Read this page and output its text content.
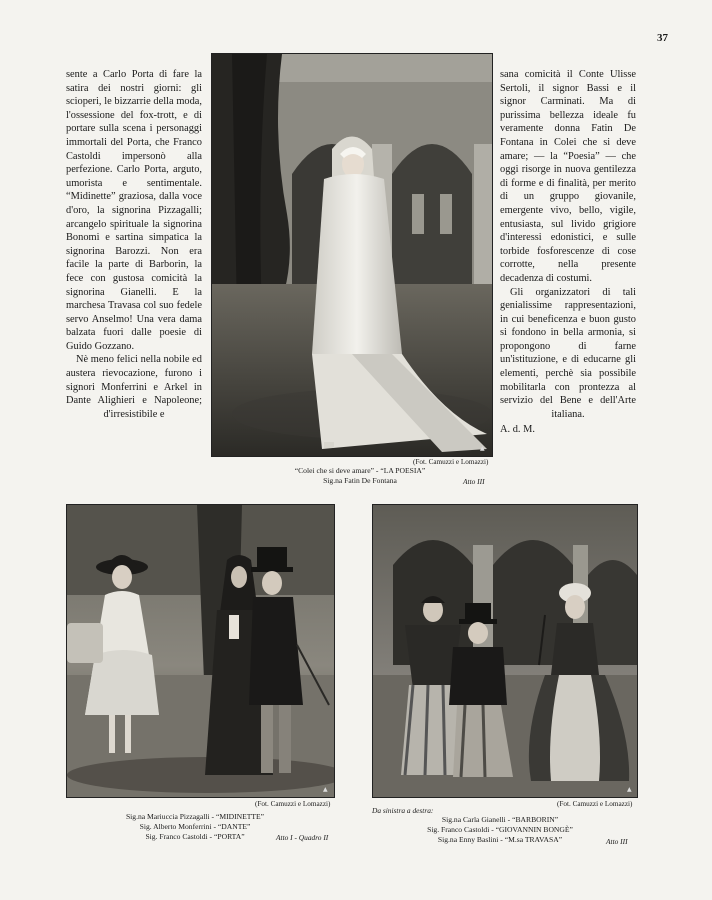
37

sente a Carlo Porta di fare la satira dei nostri giorni: gli scioperi, le bizzarrie della moda, l'ossessione del fox-trott, e di portare sulla scena i personaggi immortali del Porta, che Franco Castoldi impersonò alla perfezione. Carlo Porta, arguto, umorista e sentimentale. “Midinette” graziosa, dalla voce d'oro, la signorina Pizzagalli; arcangelo spirituale la signorina Bonomi e sartina simpatica la signorina Barozzi. Non era facile la parte di Barborin, la fece con gustosa comicità la signorina Gianelli. E la marchesa Travasa col suo fedele servo Anselmo! Una vera dama balzata fuori dalle poesie di Guido Gozzano.

Nè meno felici nella nobile ed austera rievocazione, furono i signori Monferrini e Arkel in Dante Alighieri e Napoleone; d'irresistibile e

sana comicità il Conte Ulisse Sertoli, il signor Bassi e il signor Carminati. Ma di purissima bellezza ideale fu veramente donna Fatin De Fontana in Colei che si deve amare; — la “Poesia” — che oggi risorge in nuova gentilezza di forme e di finalità, per merito di un gruppo giovanile, emergente vivo, bello, vigile, entusiasta, sul livido grigiore d'interessi edonistici, e sulle torbide fosforescenze di cose corrotte, nella presente decadenza di costumi.

Gli organizzatori di tali genialissime rappresentazioni, in cui beneficenza e buon gusto si fondono in bella armonia, si propongono di farne un'istituzione, e di educarne gli elementi, perchè sia possibile mobilitarla con prontezza al servizio del Bene e dell'Arte italiana.

A. d. M.
▲
(Fot. Camuzzi e Lomazzi)
“Colei che si deve amare” - “LA POESIA”
Sig.na Fatin De Fontana	Atto III
▲
(Fot. Camuzzi e Lomazzi)
Sig.na Mariuccia Pizzagalli - “MIDINETTE”
Sig. Alberto Monferrini - “DANTE”
Sig. Franco Castoldi - “PORTA”	Atto I - Quadro II
▲
(Fot. Camuzzi e Lomazzi)
Da sinistra a destra:
Sig.na Carla Gianelli - “BARBORIN”
Sig. Franco Castoldi - “GIOVANNIN BONGÈ”
Sig.na Enny Baslini - “M.sa TRAVASA”	Atto III
